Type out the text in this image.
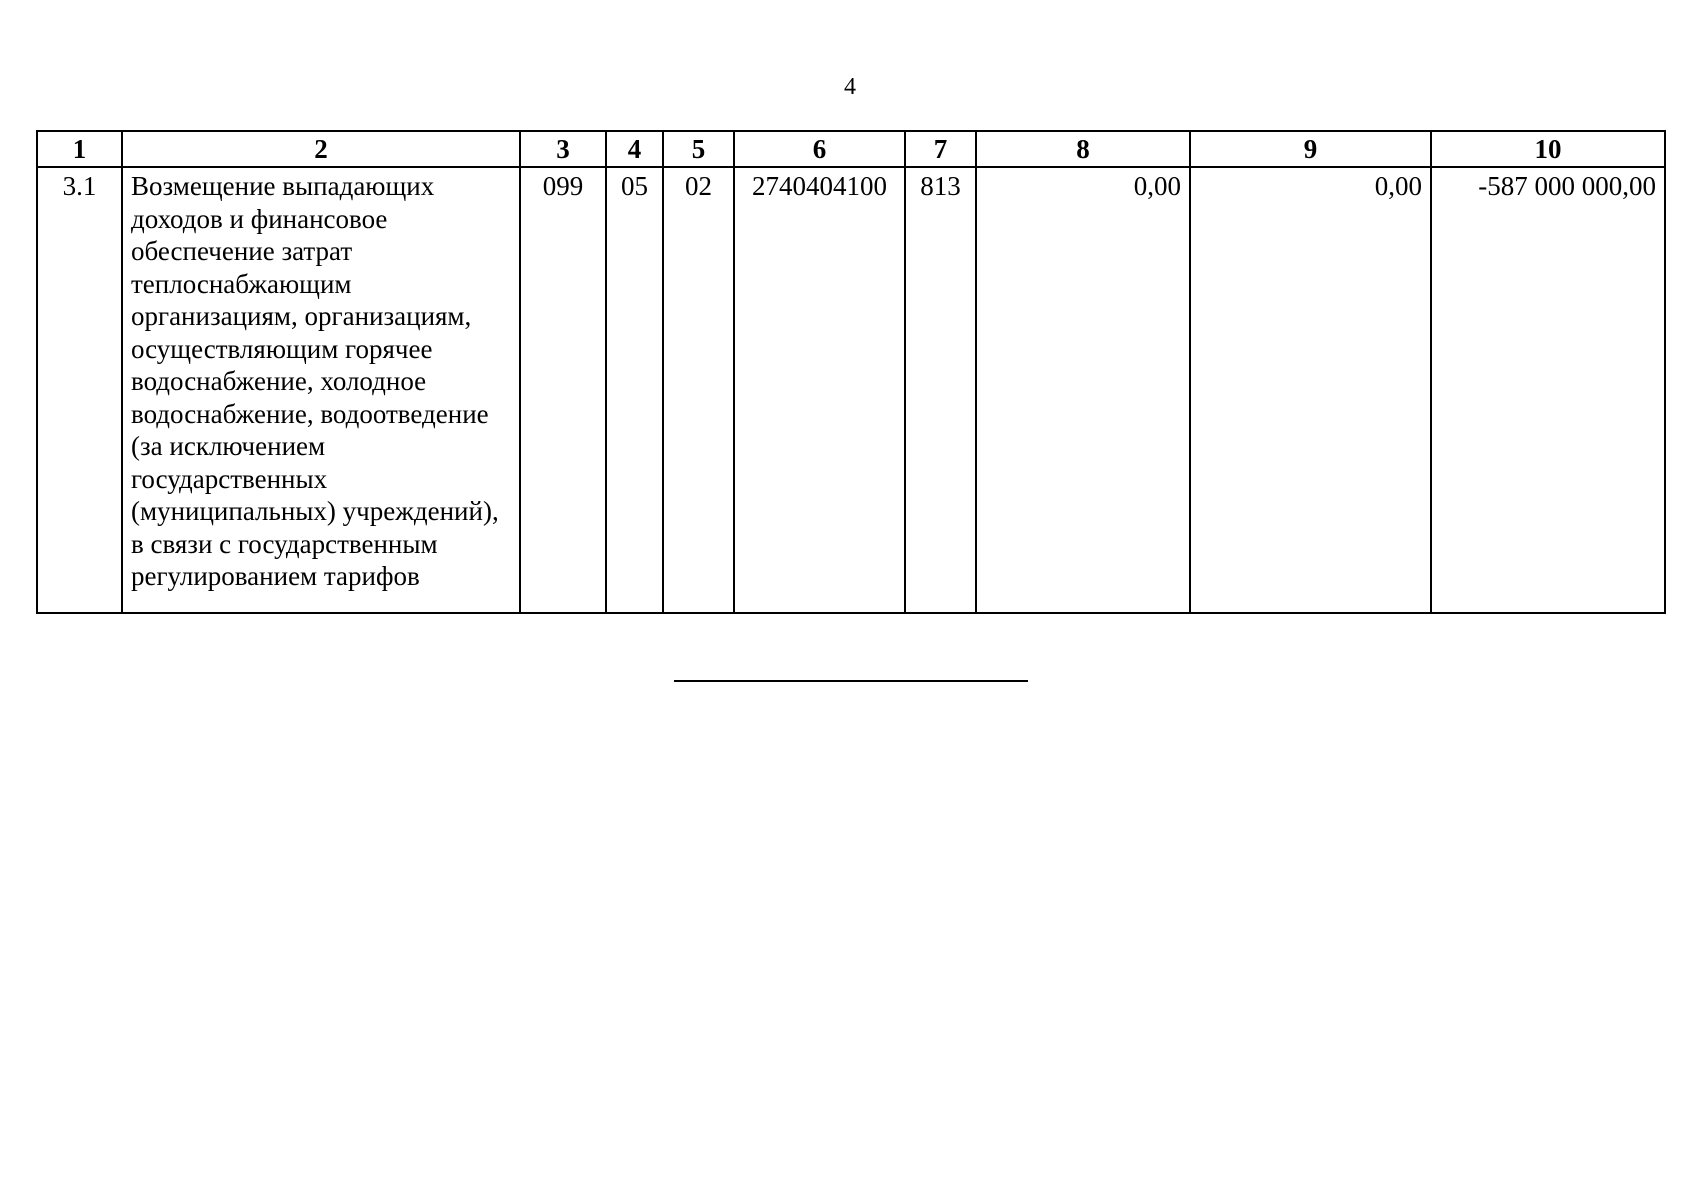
4
1	2	3	4	5	6	7	8	9	10
3.1	Возмещение выпадающих доходов и финансовое обеспечение затрат теплоснабжающим организациям, организациям, осуществляющим горячее водоснабжение, холодное водоснабжение, водоотведение (за исключением государственных (муниципальных) учреждений), в связи с государственным регулированием тарифов	099	05	02	2740404100	813	0,00	0,00	-587 000 000,00
